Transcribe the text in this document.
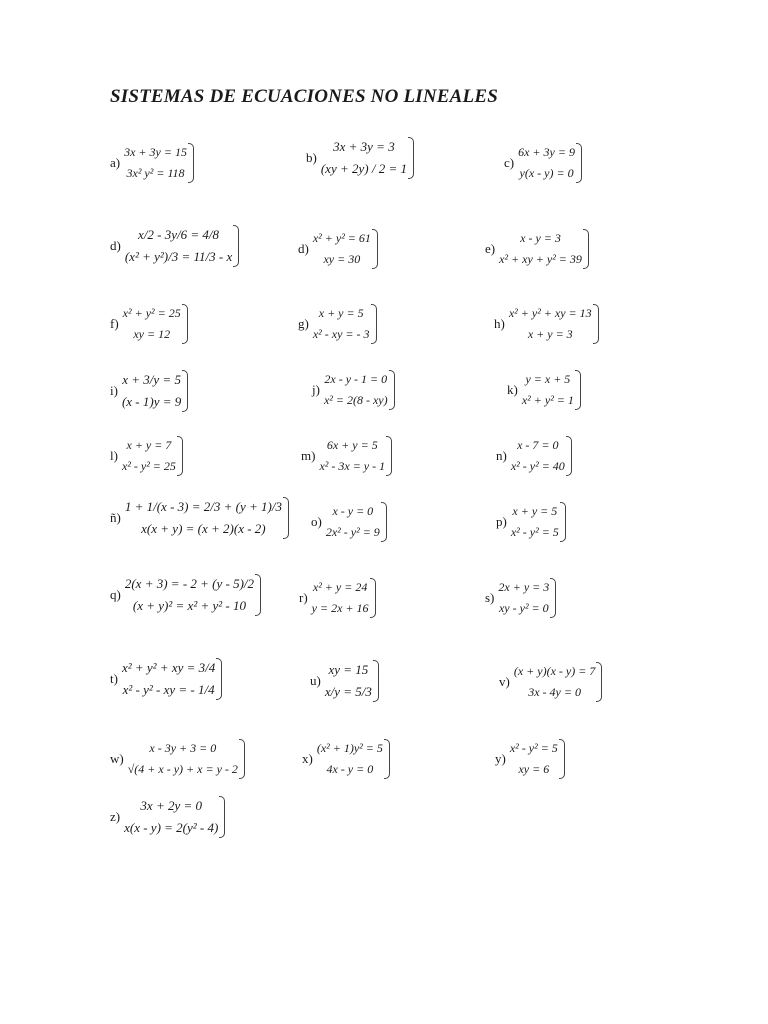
SISTEMAS DE ECUACIONES NO LINEALES
a)
3x + 3y = 15
3x² y² = 118
b)
3x + 3y = 3
(xy + 2y) / 2 = 1	c)
6x + 3y = 9
y(x - y) = 0
d)
x/2 - 3y/6 = 4/8
(x² + y²)/3 = 11/3 - x
d)
x² + y² = 61
xy = 30
e)
x - y = 3
x² + xy + y² = 39
f)
x² + y² = 25
xy = 12
g)
x + y = 5
x² - xy = - 3
h)
x² + y² + xy = 13
x + y = 3
i)
x + 3/y = 5
(x - 1)y = 9
j)
2x - y - 1 = 0
x² = 2(8 - xy)
k)
y = x + 5
x² + y² = 1
l)
x + y = 7
x² - y² = 25
m)
6x + y = 5
x² - 3x = y - 1
n)
x - 7 = 0
x² - y² = 40
ñ)
1 + 1/(x - 3) = 2/3 + (y + 1)/3
x(x + y) = (x + 2)(x - 2)	o)
x - y = 0
2x² - y² = 9
p)
x + y = 5
x² - y² = 5
q)
2(x + 3) = - 2 + (y - 5)/2
(x + y)² = x² + y² - 10
r)
x² + y = 24
y = 2x + 16
s)
2x + y = 3
xy - y² = 0
t)
x² + y² + xy = 3/4
x² - y² - xy = - 1/4
u)
xy = 15
x/y = 5/3
v)
(x + y)(x - y) = 7
3x - 4y = 0
w)
x - 3y + 3 = 0
√(4 + x - y) + x = y - 2
x)
(x² + 1)y² = 5
4x - y = 0
y)
x² - y² = 5
xy = 6
z)
3x + 2y = 0
x(x - y) = 2(y² - 4)
